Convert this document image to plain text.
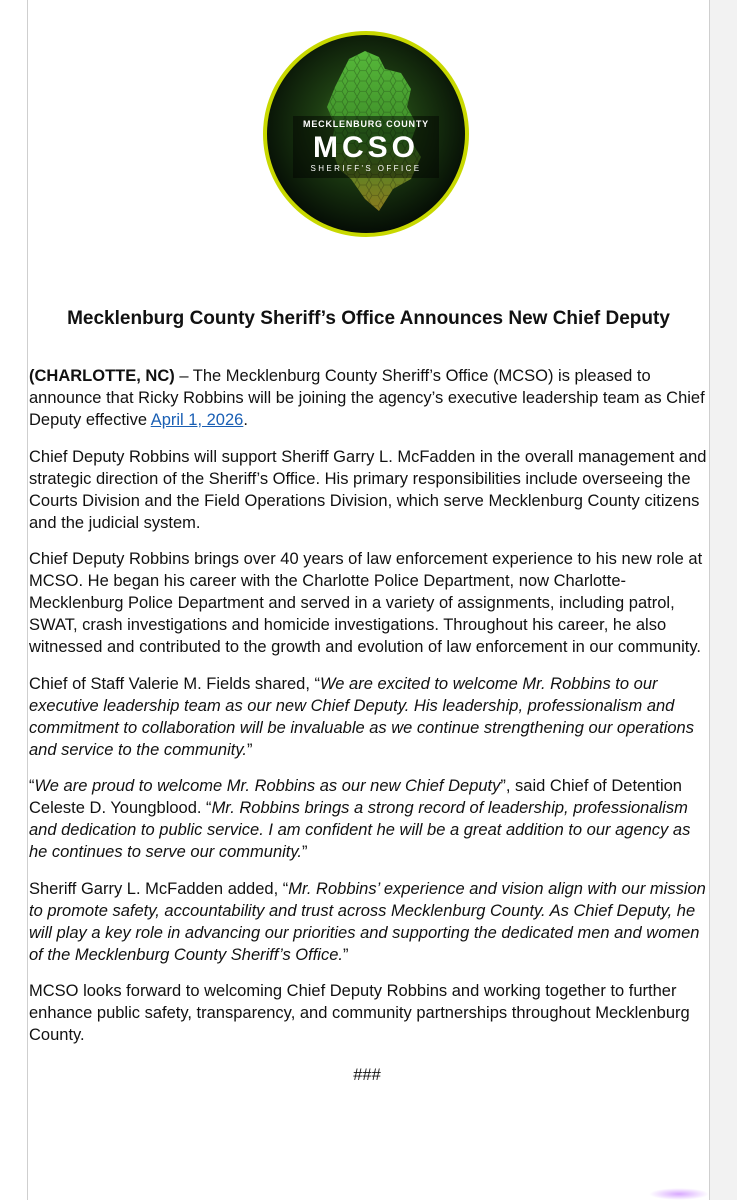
MECKLENBURG COUNTY
MCSO
SHERIFF'S OFFICE
Mecklenburg County Sheriff’s Office Announces New Chief Deputy

(CHARLOTTE, NC) – The Mecklenburg County Sheriff’s Office (MCSO) is pleased to announce that Ricky Robbins will be joining the agency’s executive leadership team as Chief Deputy effective April 1, 2026.

Chief Deputy Robbins will support Sheriff Garry L. McFadden in the overall management and strategic direction of the Sheriff’s Office. His primary responsibilities include overseeing the Courts Division and the Field Operations Division, which serve Mecklenburg County citizens and the judicial system.

Chief Deputy Robbins brings over 40 years of law enforcement experience to his new role at MCSO. He began his career with the Charlotte Police Department, now Charlotte-Mecklenburg Police Department and served in a variety of assignments, including patrol, SWAT, crash investigations and homicide investigations. Throughout his career, he also witnessed and contributed to the growth and evolution of law enforcement in our community.

Chief of Staff Valerie M. Fields shared, “We are excited to welcome Mr. Robbins to our executive leadership team as our new Chief Deputy. His leadership, professionalism and commitment to collaboration will be invaluable as we continue strengthening our operations and service to the community.”

“We are proud to welcome Mr. Robbins as our new Chief Deputy”, said Chief of Detention Celeste D. Youngblood. “Mr. Robbins brings a strong record of leadership, professionalism and dedication to public service. I am confident he will be a great addition to our agency as he continues to serve our community.”

Sheriff Garry L. McFadden added, “Mr. Robbins’ experience and vision align with our mission to promote safety, accountability and trust across Mecklenburg County. As Chief Deputy, he will play a key role in advancing our priorities and supporting the dedicated men and women of the Mecklenburg County Sheriff’s Office.”

MCSO looks forward to welcoming Chief Deputy Robbins and working together to further enhance public safety, transparency, and community partnerships throughout Mecklenburg County.

###
